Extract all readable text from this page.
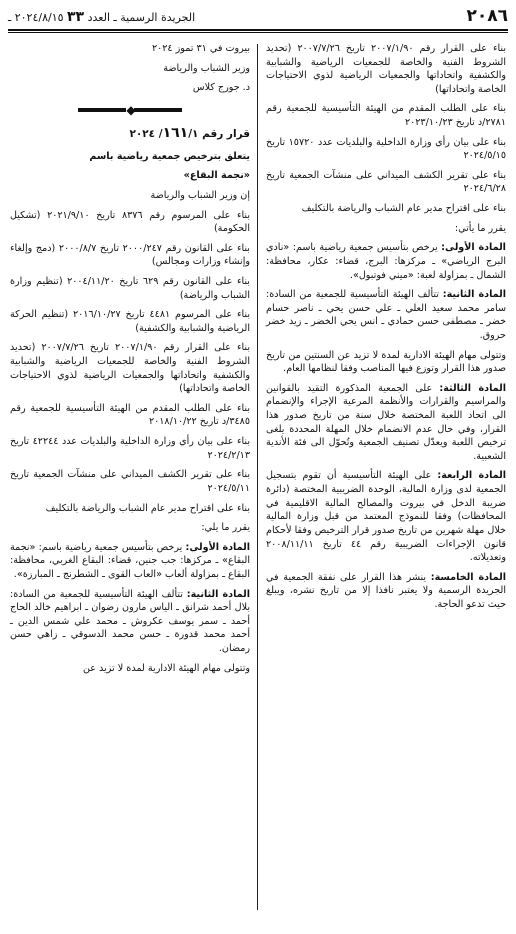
٢٠٨٦
الجريدة الرسمية ـ العدد ٣٣ ٢٠٢٤/٨/١٥ ـ

بناء على القرار رقم ٢٠٠٧/١/٩٠ تاريخ ٢٠٠٧/٧/٢٦ (تحديد الشروط الفنية والخاصة للجمعيات الرياضية والشبابية والكشفية واتحاداتها والجمعيات الرياضية لذوي الاحتياجات الخاصة واتحاداتها)

بناء على الطلب المقدم من الهيئة التأسيسية للجمعية رقم ٢٧٨١/د تاريخ ٢٠٢٣/١٠/٢٣

بناء على بيان رأي وزارة الداخلية والبلديات عدد ١٥٧٢٠ تاريخ ٢٠٢٤/٥/١٥

بناء على تقرير الكشف الميداني على منشآت الجمعية تاريخ ٢٠٢٤/٦/٢٨

بناء على اقتراح مدير عام الشباب والرياضة بالتكليف

يقرر ما يأتي:

المادة الأولى: يرخص بتأسيس جمعية رياضية باسم: «نادي البرج الرياضي» ـ مركزها: البرج، قضاء: عكار، محافظة: الشمال ـ بمزاولة لعبة: «ميني فوتبول».

المادة الثانية: تتألف الهيئة التأسيسية للجمعية من السادة: سامر محمد سعيد العلي ـ علي حسن يحي ـ ناصر حسام خضر ـ مصطفى حسن حمادي ـ انس يحي الخضر ـ زيد خضر حروق.

وتتولى مهام الهيئة الادارية لمدة لا تزيد عن السنتين من تاريخ صدور هذا القرار وتوزع فيها المناصب وفقا لنظامها العام.

المادة الثالثة: على الجمعية المذكورة التقيد بالقوانين والمراسيم والقرارات والأنظمة المرعية الإجراء والإنضمام الى اتحاد اللعبة المختصة خلال سنة من تاريخ صدور هذا القرار، وفي حال عدم الانضمام خلال المهلة المحددة يلغى ترخيص اللعبة ويعدّل تصنيف الجمعية وتُحوّل الى فئة الأندية الشعبية.

المادة الرابعة: على الهيئة التأسيسية أن تقوم بتسجيل الجمعية لدى وزارة المالية، الوحدة الضريبية المختصة (دائرة ضريبة الدخل في بيروت والمصالح المالية الاقليمية في المحافظات) وفقا للنموذج المعتمد من قبل وزارة المالية خلال مهلة شهرين من تاريخ صدور قرار الترخيص وفقا لأحكام قانون الإجراءات الضريبية رقم ٤٤ تاريخ ٢٠٠٨/١١/١١ وتعديلاته.

المادة الخامسة: ينشر هذا القرار على نفقة الجمعية في الجريدة الرسمية ولا يعتبر نافذا إلا من تاريخ نشره، ويبلغ حيث تدعو الحاجة.

بيروت في ٣١ تموز ٢٠٢٤

وزير الشباب والرياضة

د. جورج كلاس

◆

قرار رقم ١٦١/١/ ٢٠٢٤

يتعلق بترخيص جمعية رياضية باسم

«نجمة البقاع»

إن وزير الشباب والرياضة

بناء على المرسوم رقم ٨٣٧٦ تاريخ ٢٠٢١/٩/١٠ (تشكيل الحكومة)

بناء على القانون رقم ٢٠٠٠/٢٤٧ تاريخ ٢٠٠٠/٨/٧ (دمج وإلغاء وإنشاء وزارات ومجالس)

بناء على القانون رقم ٦٢٩ تاريخ ٢٠٠٤/١١/٢٠ (تنظيم وزارة الشباب والرياضة)

بناء على المرسوم ٤٤٨١ تاريخ ٢٠١٦/١٠/٢٧ (تنظيم الحركة الرياضية والشبابية والكشفية)

بناء على القرار رقم ٢٠٠٧/١/٩٠ تاريخ ٢٠٠٧/٧/٢٦ (تحديد الشروط الفنية والخاصة للجمعيات الرياضية والشبابية والكشفية واتحاداتها والجمعيات الرياضية لذوي الاحتياجات الخاصة واتحاداتها)

بناء على الطلب المقدم من الهيئة التأسيسية للجمعية رقم ٣٤٨٥/د تاريخ ٢٠١٨/١٠/٢٢

بناء على بيان رأي وزارة الداخلية والبلديات عدد ٤٢٢٤٤ تاريخ ٢٠٢٤/٢/١٣

بناء على تقرير الكشف الميداني على منشآت الجمعية تاريخ ٢٠٢٤/٥/١١

بناء على اقتراح مدير عام الشباب والرياضة بالتكليف

يقرر ما يلي:

المادة الأولى: يرخص بتأسيس جمعية رياضية باسم: «نجمة البقاع» ـ مركزها: جب جنين، قضاء: البقاع الغربي، محافظة: البقاع ـ بمزاولة ألعاب «العاب القوى ـ الشطرنج ـ المبارزة».

المادة الثانية: تتألف الهيئة التأسيسية للجمعية من السادة: بلال أحمد شرانق ـ الياس مارون رضوان ـ ابراهيم خالد الحاج أحمد ـ سمر يوسف عكروش ـ محمد علي شمس الدين ـ أحمد محمد قدورة ـ حسن محمد الدسوقي ـ زاهي حسن رمضان.

وتتولى مهام الهيئة الادارية لمدة لا تزيد عن
